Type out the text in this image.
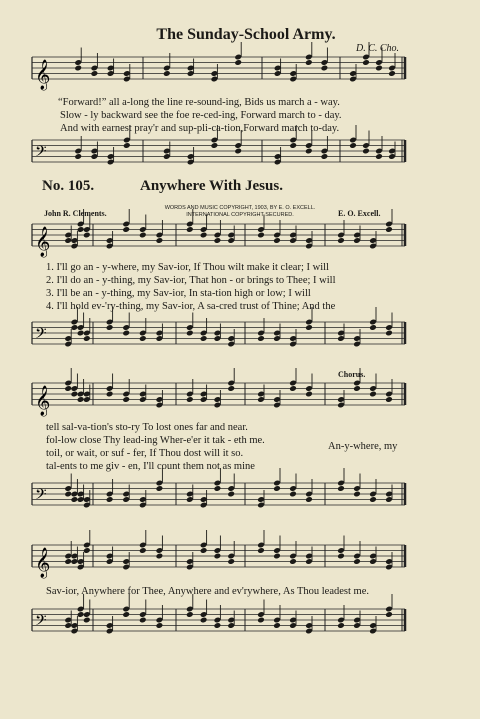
𝄞
𝄢
𝄞
𝄢
𝄞
𝄢
𝄞
𝄢
The Sunday-School Army.
D. C. Cho.
“Forward!” all a-long the line re-sound-ing, Bids us march a - way.
Slow - ly backward see the foe re-ced-ing, Forward march to - day.
And with earnest pray'r and sup-pli-ca-tion,Forward march to-day.
No. 105.	Anywhere With Jesus.
WORDS AND MUSIC COPYRIGHT, 1903, BY E. O. EXCELL.
INTERNATIONAL COPYRIGHT SECURED.
John R. Clements.	E. O. Excell.
1. I'll go an - y-where, my Sav-ior, If Thou wilt make it clear; I will
2. I'll do an - y-thing, my Sav-ior, That hon - or brings to Thee; I will
3. I'll be an - y-thing, my Sav-ior, In sta-tion high or low; I will
4. I'll hold ev-'ry-thing, my Sav-ior, A sa-cred trust of Thine; And the
Chorus.
tell sal-va-tion's sto-ry To lost ones far and near.
fol-low close Thy lead-ing Wher-e'er it tak - eth me.
toil, or wait, or suf - fer, If Thou dost will it so.
tal-ents to me giv - en, I'll count them not as mine
An-y-where, my
Sav-ior, Anywhere for Thee, Anywhere and ev'rywhere, As Thou leadest me.
